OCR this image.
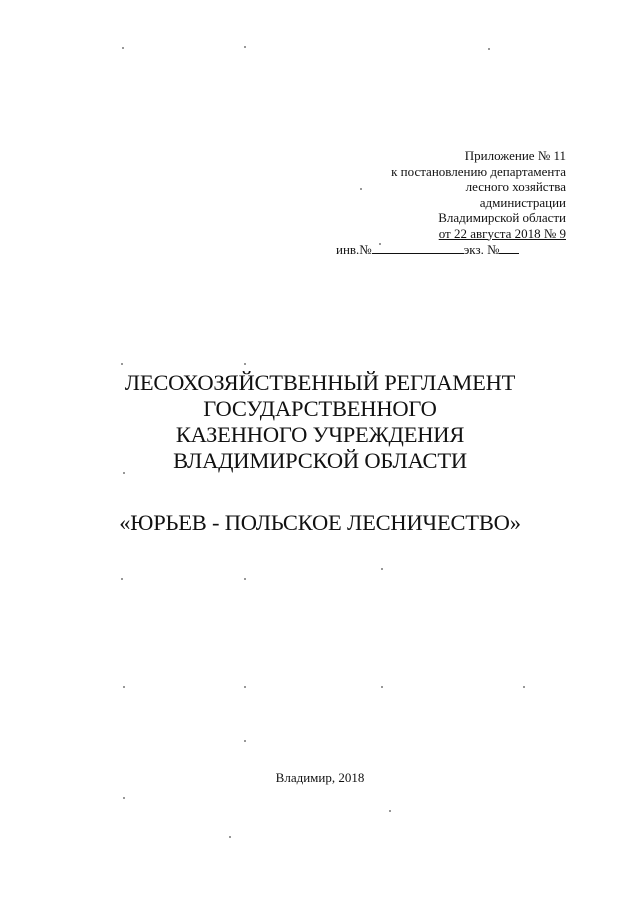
Приложение № 11
к постановлению департамента
лесного хозяйства
администрации
Владимирской области
от 22 августа 2018 № 9
инв.№	экз. №
ЛЕСОХОЗЯЙСТВЕННЫЙ РЕГЛАМЕНТ
ГОСУДАРСТВЕННОГО
КАЗЕННОГО УЧРЕЖДЕНИЯ
ВЛАДИМИРСКОЙ ОБЛАСТИ
«ЮРЬЕВ - ПОЛЬСКОЕ ЛЕСНИЧЕСТВО»
Владимир, 2018
